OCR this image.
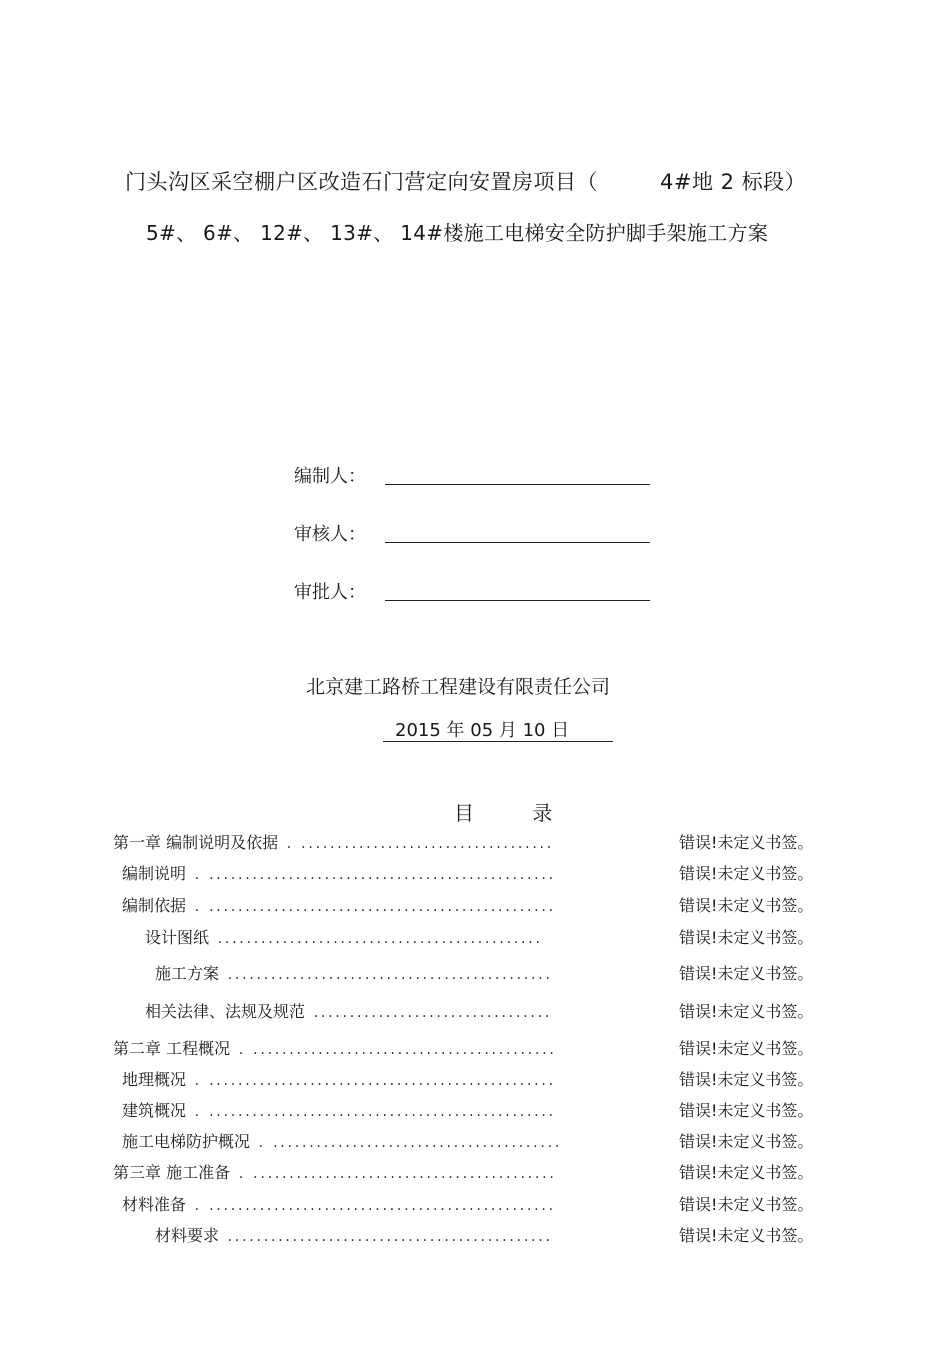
门头沟区采空棚户区改造石门营定向安置房项目（	4#地 2 标段）
5#、 6#、 12#、 13#、 14#楼施工电梯安全防护脚手架施工方案
编制人：
审核人：
审批人：
北京建工路桥工程建设有限责任公司
2015 年 05 月 10 日
目 录
第一章 编制说明及依据 . ...................................	错误!未定义书签。
编制说明 . ................................................	错误!未定义书签。
编制依据 . ................................................	错误!未定义书签。
设计图纸 .............................................	错误!未定义书签。
施工方案 .............................................	错误!未定义书签。
相关法律、法规及规范 .................................	错误!未定义书签。
第二章 工程概况 . ..........................................	错误!未定义书签。
地理概况 . ................................................	错误!未定义书签。
建筑概况 . ................................................	错误!未定义书签。
施工电梯防护概况 . ........................................	错误!未定义书签。
第三章 施工准备 . ..........................................	错误!未定义书签。
材料准备 . ................................................	错误!未定义书签。
材料要求 .............................................	错误!未定义书签。
